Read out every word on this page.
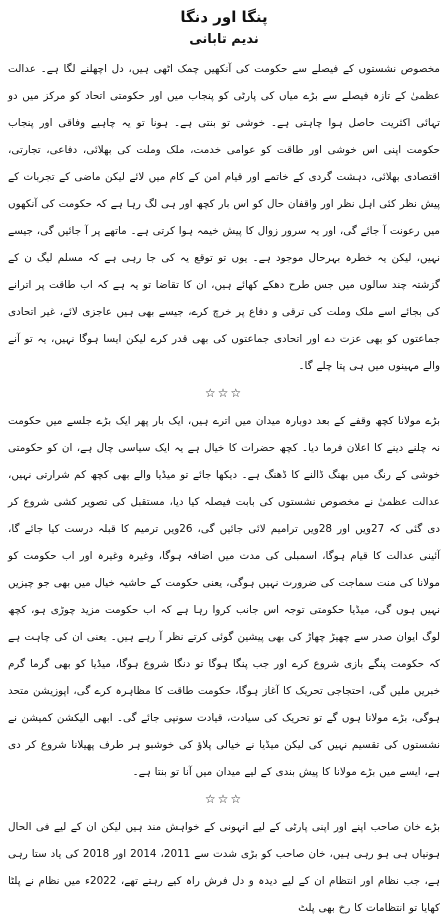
پنگا اور دنگا
ندیم تابانی

مخصوص نشستوں کے فیصلے سے حکومت کی آنکھیں چمک اٹھی ہیں، دل اچھلنے لگا ہے۔ عدالت عظمیٰ کے تازہ فیصلے سے بڑے میاں کی پارٹی کو پنجاب میں اور حکومتی اتحاد کو مرکز میں دو تہائی اکثریت حاصل ہوا چاہتی ہے۔ خوشی تو بنتی ہے۔ ہونا تو یہ چاہیے وفاقی اور پنجاب حکومت اپنی اس خوشی اور طاقت کو عوامی خدمت، ملک وملت کی بھلائی، دفاعی، تجارتی، اقتصادی بھلائی، دہشت گردی کے خاتمے اور قیام امن کے کام میں لائے لیکن ماضی کے تجربات کے پیش نظر کئی اہل نظر اور واقفان حال کو اس بار کچھ اور ہی لگ رہا ہے کہ حکومت کی آنکھوں میں رعونت آ جائے گی، اور یہ سرور زوال کا پیش خیمہ ہوا کرتی ہے۔ ماتھے پر آ جائیں گی، جیسے نہیں، لیکن یہ خطرہ بہرحال موجود ہے۔ یوں تو توقع یہ کی جا رہی ہے کہ مسلم لیگ ن کے گزشتہ چند سالوں میں جس طرح دھکے کھائے ہیں، ان کا تقاضا تو یہ ہے کہ اب طاقت پر اترانے کی بجائے اسے ملک وملت کی ترقی و دفاع پر خرچ کرے، جیسے بھی ہیں عاجزی لائے، غیر اتحادی جماعتوں کو بھی عزت دے اور اتحادی جماعتوں کی بھی قدر کرے لیکن ایسا ہوگا نہیں، یہ تو آنے والے مہینوں میں ہی پتا چلے گا۔

☆☆☆

بڑے مولانا کچھ وقفے کے بعد دوبارہ میدان میں اترے ہیں، ایک بار پھر ایک بڑے جلسے میں حکومت نہ چلنے دینے کا اعلان فرما دیا۔ کچھ حضرات کا خیال ہے یہ ایک سیاسی چال ہے، ان کو حکومتی خوشی کے رنگ میں بھنگ ڈالنے کا ڈھنگ ہے۔ دیکھا جائے تو میڈیا والے بھی کچھ کم شرارتی نہیں، عدالت عظمیٰ نے مخصوص نشستوں کی بابت فیصلہ کیا دیا، مستقبل کی تصویر کشی شروع کر دی گئی کہ 27ویں اور 28ویں ترامیم لائی جائیں گی، 26ویں ترمیم کا قبلہ درست کیا جائے گا، آئینی عدالت کا قیام ہوگا، اسمبلی کی مدت میں اضافہ ہوگا، وغیرہ وغیرہ اور اب حکومت کو مولانا کی منت سماجت کی ضرورت نہیں ہوگی، یعنی حکومت کے حاشیہ خیال میں بھی جو چیزیں نہیں ہوں گی، میڈیا حکومتی توجہ اس جانب کروا رہا ہے کہ اب حکومت مزید چوڑی ہو، کچھ لوگ ایوان صدر سے چھیڑ چھاڑ کی بھی پیشین گوئی کرتے نظر آ رہے ہیں۔ یعنی ان کی چاہت ہے کہ حکومت پنگے بازی شروع کرے اور جب پنگا ہوگا تو دنگا شروع ہوگا، میڈیا کو بھی گرما گرم خبریں ملیں گی، احتجاجی تحریک کا آغاز ہوگا، حکومت طاقت کا مظاہرہ کرے گی، اپوزیشن متحد ہوگی، بڑے مولانا ہوں گے تو تحریک کی سیادت، قیادت سونپی جائے گی۔ ابھی الیکشن کمیشن نے نشستوں کی تقسیم نہیں کی لیکن میڈیا نے خیالی پلاؤ کی خوشبو ہر طرف پھیلانا شروع کر دی ہے، ایسے میں بڑے مولانا کا پیش بندی کے لیے میدان میں آنا تو بنتا ہے۔

☆☆☆

بڑے خان صاحب اپنے اور اپنی پارٹی کے لیے انہونی کے خواہش مند ہیں لیکن ان کے لیے فی الحال ہونیاں ہی ہو رہی ہیں، خان صاحب کو بڑی شدت سے 2011، 2014 اور 2018 کی یاد ستا رہی ہے، جب نظام اور انتظام ان کے لیے دیدہ و دل فرش راہ کیے رہتے تھے، 2022ء میں نظام نے پلٹا کھایا تو انتظامات کا رخ بھی پلٹ
